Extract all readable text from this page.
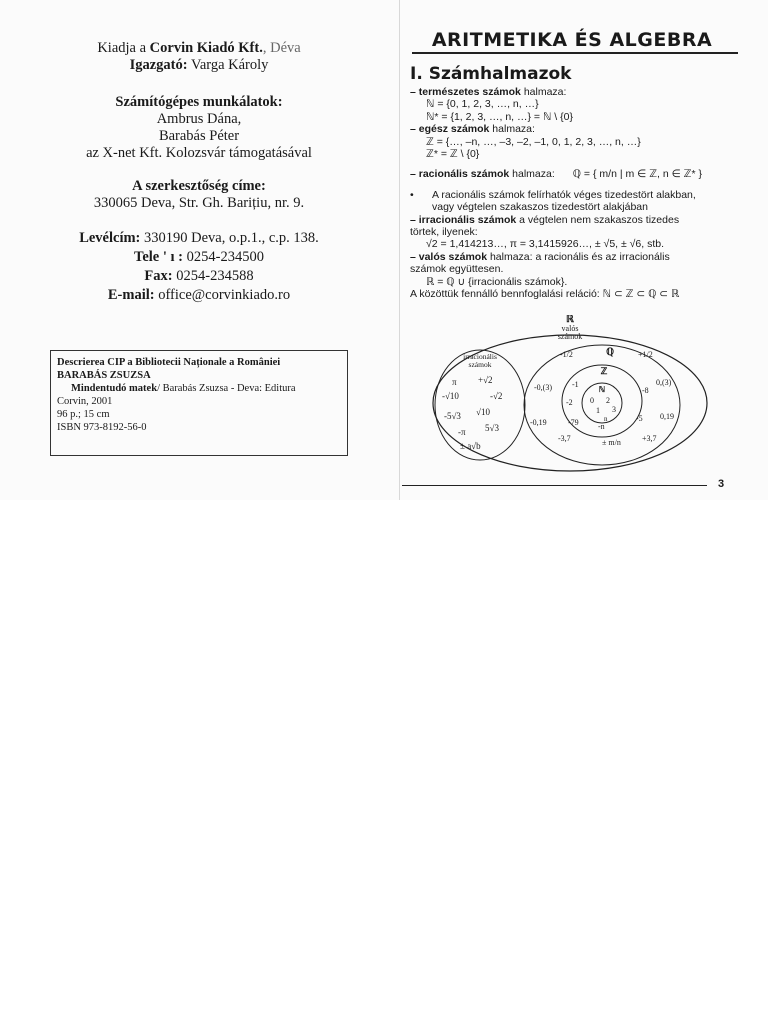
Kiadja a Corvin Kiadó Kft., Déva
Igazgató: Varga Károly
Számítógépes munkálatok:
Ambrus Dána,
Barabás Péter
az X-net Kft. Kolozsvár támogatásával
A szerkesztőség címe:
330065 Deva, Str. Gh. Barițiu, nr. 9.
Levélcím: 330190 Deva, o.p.1., c.p. 138.
Tele ' ı : 0254-234500
Fax: 0254-234588
E-mail: office@corvinkiado.ro
Descrierea CIP a Bibliotecii Naționale a României
BARABÁS ZSUZSA
Mindentudó matek/ Barabás Zsuzsa - Deva: Editura
Corvin, 2001
96 p.; 15 cm
ISBN 973-8192-56-0
ARITMETIKA ÉS ALGEBRA
I. Számhalmazok
– természetes számok halmaza:
ℕ = {0, 1, 2, 3, …, n, …}
ℕ* = {1, 2, 3, …, n, …} = ℕ \ {0}
– egész számok halmaza:
ℤ = {…, –n, …, –3, –2, –1, 0, 1, 2, 3, …, n, …}
ℤ* = ℤ \ {0}
– racionális számok halmaza: ℚ = { m/n | m ∈ ℤ, n ∈ ℤ* }
• A racionális számok felírhatók véges tizedestört alakban,
vagy végtelen szakaszos tizedestört alakjában
– irracionális számok a végtelen nem szakaszos tizedes
törtek, ilyenek:
√2 = 1,414213…, π = 3,1415926…, ± √5, ± √6, stb.
– valós számok halmaza: a racionális és az irracionális
számok együttesen.
ℝ = ℚ ∪ {irracionális számok}.
A közöttük fennálló bennfoglalási reláció: ℕ ⊂ ℤ ⊂ ℚ ⊂ ℝ
ℝ
valós
számok
irracionális
számok
π +√2
-√10	-√2
-5√3 √10
-π 5√3
± a√b
ℚ
-1/2	+1/2
-0,(3)
0,(3)
-8
-0,19
0,19
-3,7	+3,7
± m/n
-79	-5
ℤ
-1
-2
-n
ℕ
0 2
1 3
n
3
